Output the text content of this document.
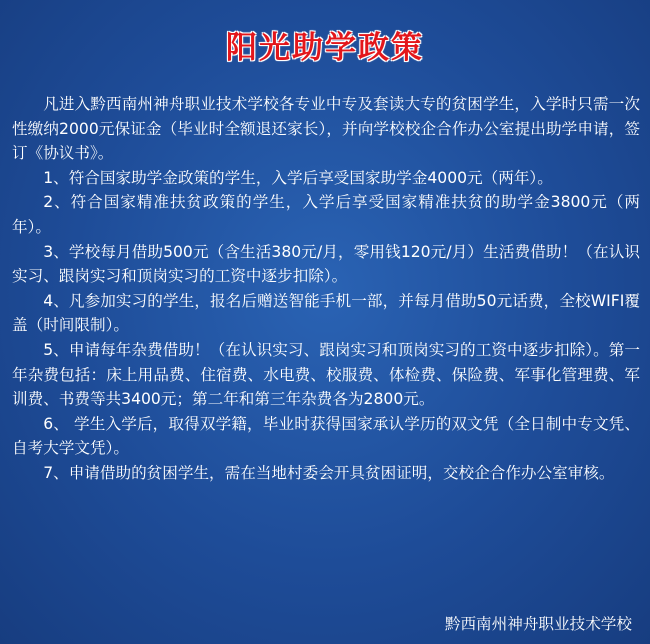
阳光助学政策

凡进入黔西南州神舟职业技术学校各专业中专及套读大专的贫困学生，入学时只需一次性缴纳2000元保证金（毕业时全额退还家长），并向学校校企合作办公室提出助学申请，签订《协议书》。

1、符合国家助学金政策的学生，入学后享受国家助学金4000元（两年）。

2、符合国家精准扶贫政策的学生，入学后享受国家精准扶贫的助学金3800元（两年）。

3、学校每月借助500元（含生活380元/月，零用钱120元/月）生活费借助！（在认识实习、跟岗实习和顶岗实习的工资中逐步扣除）。

4、凡参加实习的学生，报名后赠送智能手机一部，并每月借助50元话费，全校WIFI覆盖（时间限制）。

5、申请每年杂费借助！（在认识实习、跟岗实习和顶岗实习的工资中逐步扣除）。第一年杂费包括：床上用品费、住宿费、水电费、校服费、体检费、保险费、军事化管理费、军训费、书费等共3400元；第二年和第三年杂费各为2800元。

6、 学生入学后，取得双学籍，毕业时获得国家承认学历的双文凭（全日制中专文凭、自考大学文凭）。

7、申请借助的贫困学生，需在当地村委会开具贫困证明，交校企合作办公室审核。

黔西南州神舟职业技术学校
